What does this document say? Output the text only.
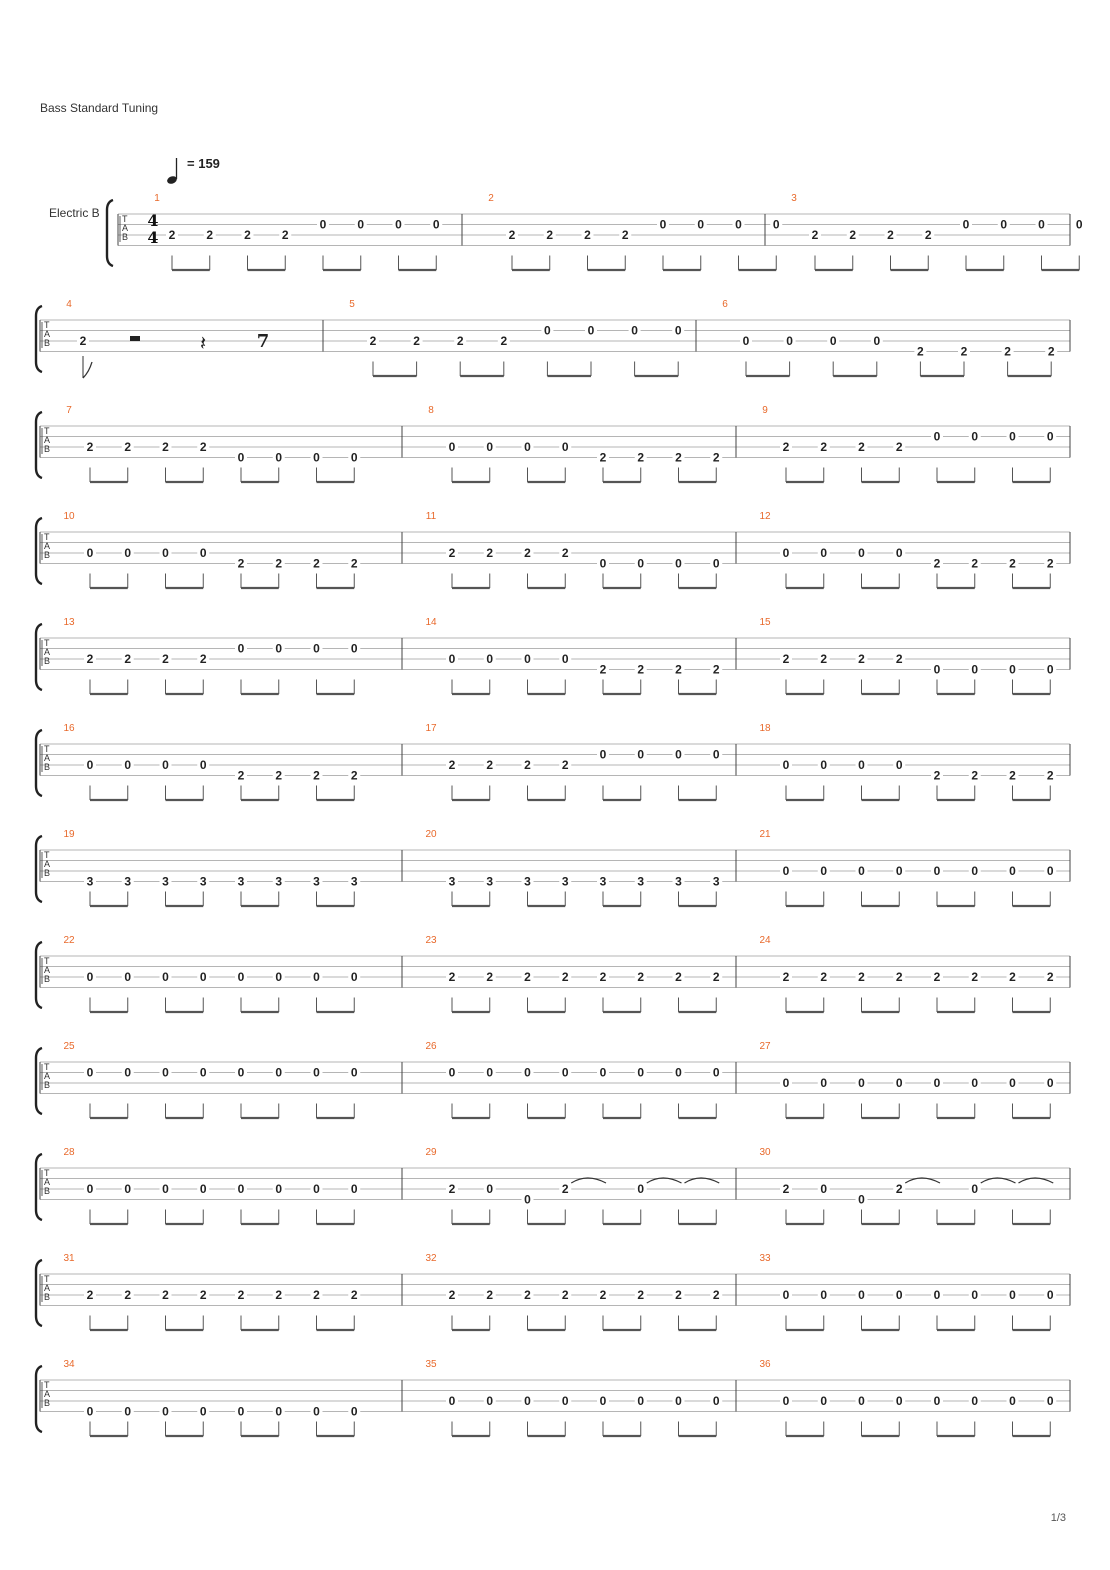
Bass Standard Tuning
= 159
Electric B T
A
B
4
4
1
2	2	2	2
0	0	0	0
2
2	2	2	2
0	0	0	0
3
2	2	2	2
0	0	0	0
T
A
B
4
2	𝄽	7
5
2	2	2	2
0	0	0	0
6
0	0	0	0
2	2	2	2
T
A
B
7
2	2	2	2
0	0	0	0
8
0	0	0	0
2	2	2	2
9
2	2	2	2
0	0	0	0
T
A
B
10
0	0	0	0
2	2	2	2
11
2	2	2	2
0	0	0	0
12
0	0	0	0
2	2	2	2
T
A
B
13
2	2	2	2
0	0	0	0
14
0	0	0	0
2	2	2	2
15
2	2	2	2
0	0	0	0
T
A
B
16
0	0	0	0
2	2	2	2
17
2	2	2	2
0	0	0	0
18
0	0	0	0
2	2	2	2
T
A
B
19
3	3	3	3	3	3	3	3
20
3	3	3	3	3	3	3	3
21
0	0	0	0	0	0	0	0
T
A
B
22
0	0	0	0	0	0	0	0
23
2	2	2	2	2	2	2	2
24
2	2	2	2	2	2	2	2
T
A
B
25
0	0	0	0	0	0	0	0
26
0	0	0	0	0	0	0	0
27
0	0	0	0	0	0	0	0
T
A
B
28
0	0	0	0	0	0	0	0
29
2	0
0
2	0
30
2	0
0
2	0
T
A
B
31
2	2	2	2	2	2	2	2
32
2	2	2	2	2	2	2	2
33
0	0	0	0	0	0	0	0
T
A
B
34
0	0	0	0	0	0	0	0
35
0	0	0	0	0	0	0	0
36
0	0	0	0	0	0	0	0
1/3
